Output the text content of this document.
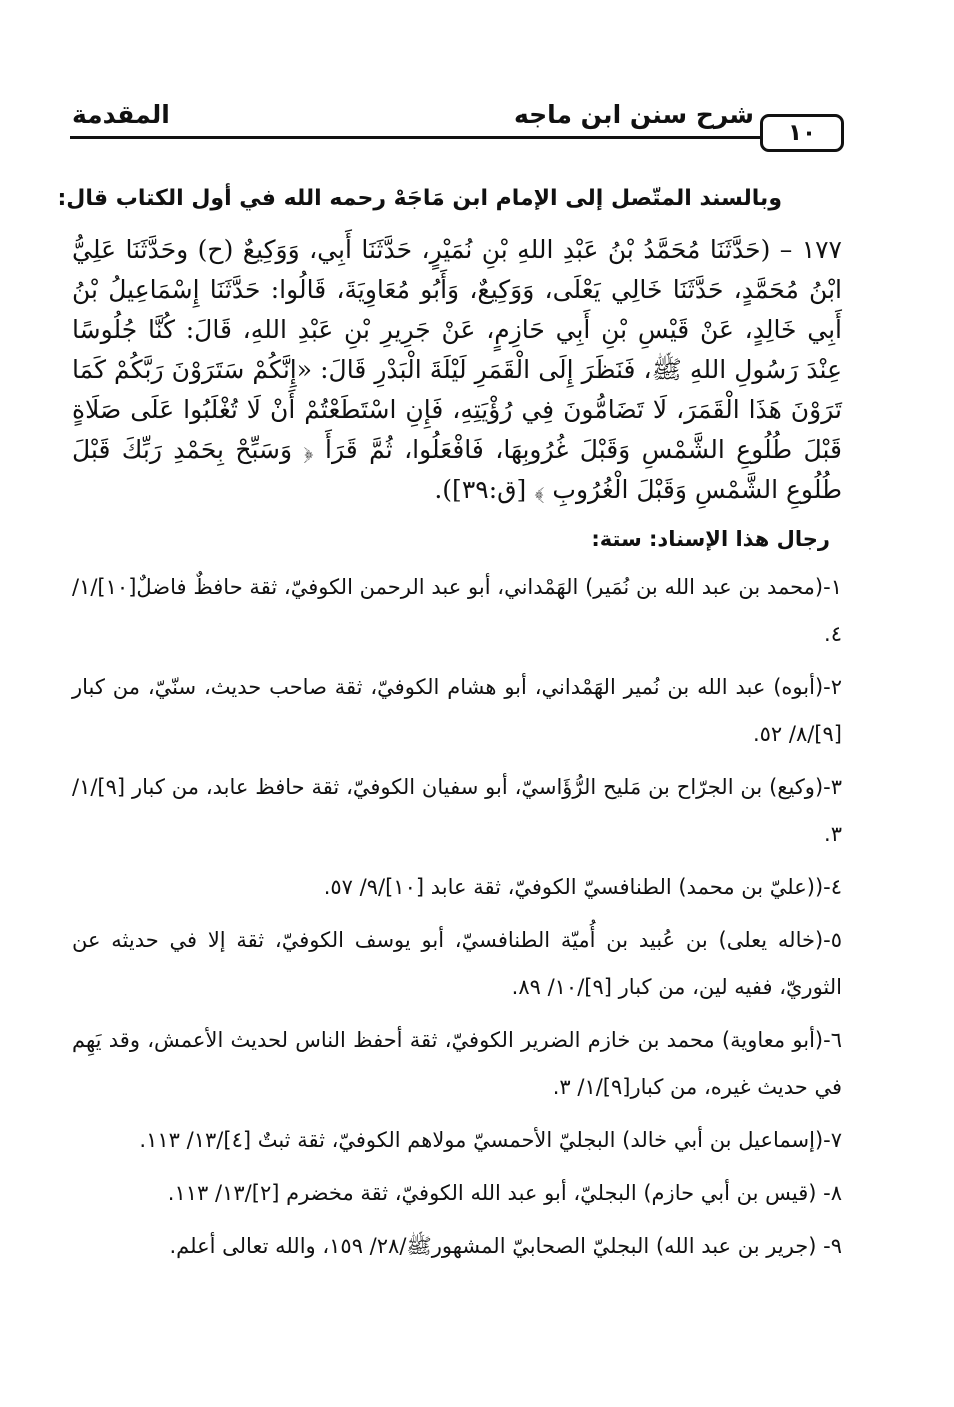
١٠
شرح سنن ابن ماجه
المقدمة

وبالسند المتّصل إلى الإمام ابن مَاجَهْ رحمه الله في أول الكتاب قال:

١٧٧ – (حَدَّثَنَا مُحَمَّدُ بْنُ عَبْدِ اللهِ بْنِ نُمَيْرٍ، حَدَّثَنَا أَبِي، وَوَكِيعٌ (ح) وحَدَّثَنَا عَلِيُّ ابْنُ مُحَمَّدٍ، حَدَّثَنَا خَالِي يَعْلَى، وَوَكِيعٌ، وَأَبُو مُعَاوِيَةَ، قَالُوا: حَدَّثَنَا إِسْمَاعِيلُ بْنُ أَبِي خَالِدٍ، عَنْ قَيْسِ بْنِ أَبِي حَازِمٍ، عَنْ جَرِيرِ بْنِ عَبْدِ اللهِ، قَالَ: كُنَّا جُلُوسًا عِنْدَ رَسُولِ اللهِ ﷺ، فَنَظَرَ إِلَى الْقَمَرِ لَيْلَةَ الْبَدْرِ قَالَ: «إِنَّكُمْ سَتَرَوْنَ رَبَّكُمْ كَمَا تَرَوْنَ هَذَا الْقَمَرَ، لَا تَضَامُّونَ فِي رُؤْيَتِهِ، فَإِنِ اسْتَطَعْتُمْ أَنْ لَا تُغْلَبُوا عَلَى صَلَاةٍ قَبْلَ طُلُوعِ الشَّمْسِ وَقَبْلَ غُرُوبِهَا، فَافْعَلُوا، ثُمَّ قَرَأَ ﴿ وَسَبِّحْ بِحَمْدِ رَبِّكَ قَبْلَ طُلُوعِ الشَّمْسِ وَقَبْلَ الْغُرُوبِ ﴾ [ق:٣٩]).

رجال هذا الإسناد: ستة:

١-(محمد بن عبد الله بن نُمَير) الهَمْداني، أبو عبد الرحمن الكوفيّ، ثقة حافظٌ فاضلٌ[١٠]/١/ ٤.

٢-(أبوه) عبد الله بن نُمير الهَمْداني، أبو هشام الكوفيّ، ثقة صاحب حديث، سنّيّ، من كبار [٩]/٨/ ٥٢.

٣-(وكيع) بن الجرّاح بن مَليح الرُّؤَاسيّ، أبو سفيان الكوفيّ، ثقة حافظ عابد، من كبار [٩]/١/ ٣.

٤-((عليّ بن محمد) الطنافسيّ الكوفيّ، ثقة عابد [١٠]/٩/ ٥٧.

٥-(خاله يعلى) بن عُبيد بن أُميّة الطنافسيّ، أبو يوسف الكوفيّ، ثقة إلا في حديثه عن الثوريّ، ففيه لين، من كبار [٩]/١٠/ ٨٩.

٦-(أبو معاوية) محمد بن خازم الضرير الكوفيّ، ثقة أحفظ الناس لحديث الأعمش، وقد يَهِم في حديث غيره، من كبار[٩]/١/ ٣.

٧-(إسماعيل بن أبي خالد) البجليّ الأحمسيّ مولاهم الكوفيّ، ثقة ثبتٌ [٤]/١٣/ ١١٣.

٨- (قيس بن أبي حازم) البجليّ، أبو عبد الله الكوفيّ، ثقة مخضرم [٢]/١٣/ ١١٣.

٩- (جرير بن عبد الله) البجليّ الصحابيّ المشهورﷺ/٢٨/ ١٥٩، والله تعالى أعلم.
